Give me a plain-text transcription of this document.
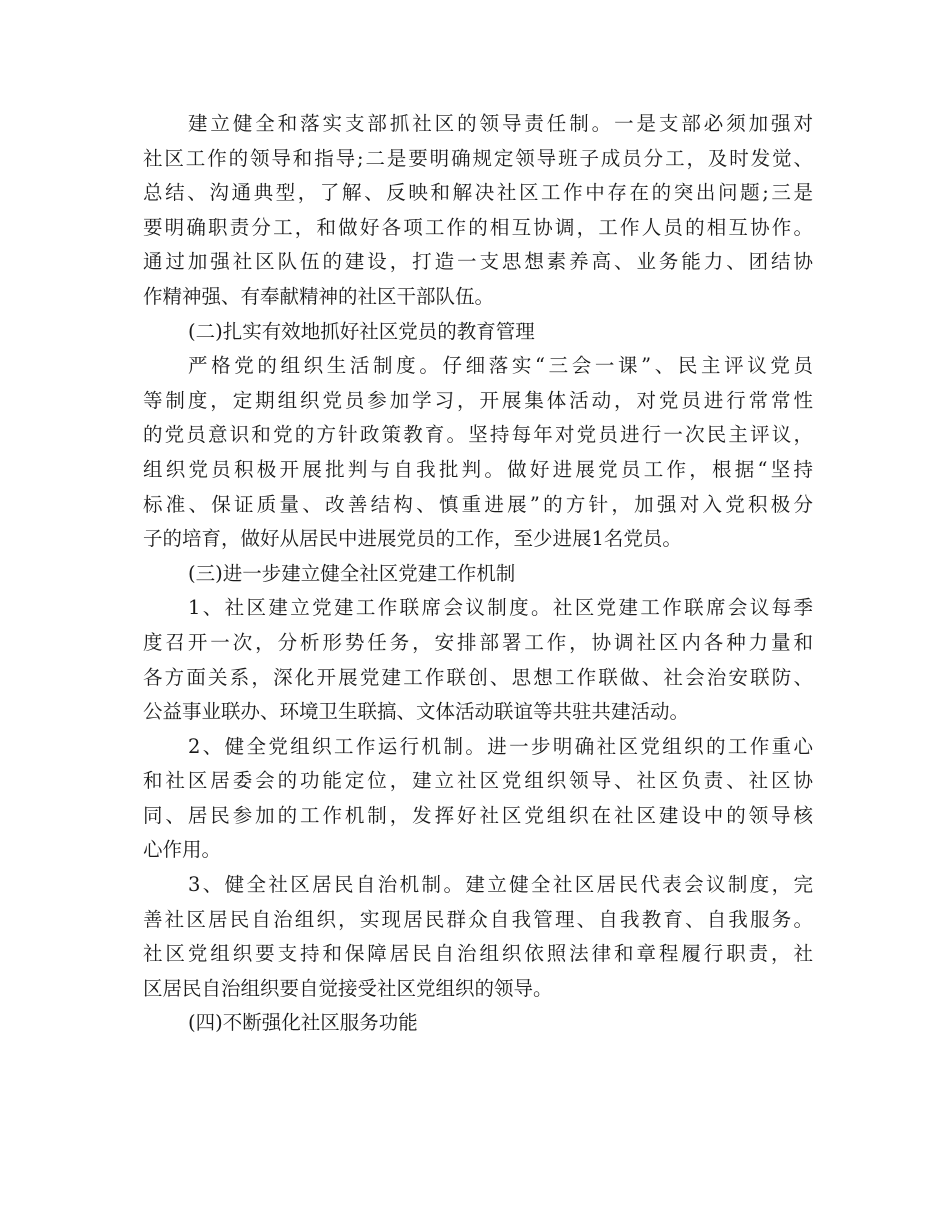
建立健全和落实支部抓社区的领导责任制。一是支部必须加强对
社区工作的领导和指导;二是要明确规定领导班子成员分工，及时发觉、
总结、沟通典型，了解、反映和解决社区工作中存在的突出问题;三是
要明确职责分工，和做好各项工作的相互协调，工作人员的相互协作。
通过加强社区队伍的建设，打造一支思想素养高、业务能力、团结协
作精神强、有奉献精神的社区干部队伍。
(二)扎实有效地抓好社区党员的教育管理
严格党的组织生活制度。仔细落实“三会一课”、民主评议党员
等制度，定期组织党员参加学习，开展集体活动，对党员进行常常性
的党员意识和党的方针政策教育。坚持每年对党员进行一次民主评议，
组织党员积极开展批判与自我批判。做好进展党员工作，根据“坚持
标准、保证质量、改善结构、慎重进展”的方针，加强对入党积极分
子的培育，做好从居民中进展党员的工作，至少进展1名党员。
(三)进一步建立健全社区党建工作机制
1、社区建立党建工作联席会议制度。社区党建工作联席会议每季
度召开一次，分析形势任务，安排部署工作，协调社区内各种力量和
各方面关系，深化开展党建工作联创、思想工作联做、社会治安联防、
公益事业联办、环境卫生联搞、文体活动联谊等共驻共建活动。
2、健全党组织工作运行机制。进一步明确社区党组织的工作重心
和社区居委会的功能定位，建立社区党组织领导、社区负责、社区协
同、居民参加的工作机制，发挥好社区党组织在社区建设中的领导核
心作用。
3、健全社区居民自治机制。建立健全社区居民代表会议制度，完
善社区居民自治组织，实现居民群众自我管理、自我教育、自我服务。
社区党组织要支持和保障居民自治组织依照法律和章程履行职责，社
区居民自治组织要自觉接受社区党组织的领导。
(四)不断强化社区服务功能
